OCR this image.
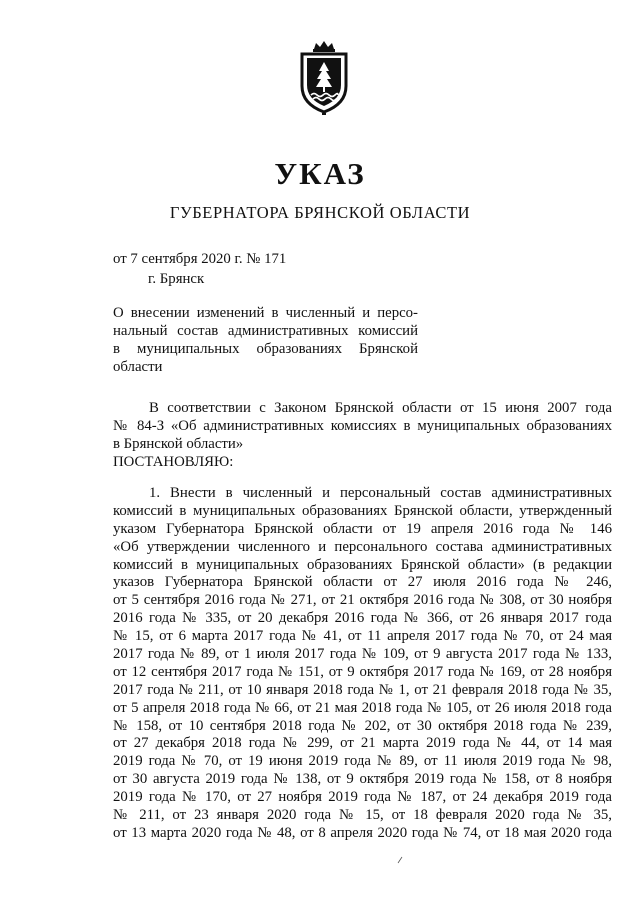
УКАЗ
ГУБЕРНАТОРА БРЯНСКОЙ ОБЛАСТИ
от 7 сентября 2020 г. № 171
г. Брянск
О внесении изменений в численный и персо-
нальный состав административных комиссий
в муниципальных образованиях Брянской
области
В соответствии с Законом Брянской области от 15 июня 2007 года
№ 84-З «Об административных комиссиях в муниципальных образованиях
в Брянской области»
ПОСТАНОВЛЯЮ:
1. Внести в численный и персональный состав административных
комиссий в муниципальных образованиях Брянской области, утвержденный
указом Губернатора Брянской области от 19 апреля 2016 года № 146
«Об утверждении численного и персонального состава административных
комиссий в муниципальных образованиях Брянской области» (в редакции
указов Губернатора Брянской области от 27 июля 2016 года № 246,
от 5 сентября 2016 года № 271, от 21 октября 2016 года № 308, от 30 ноября
2016 года № 335, от 20 декабря 2016 года № 366, от 26 января 2017 года
№ 15, от 6 марта 2017 года № 41, от 11 апреля 2017 года № 70, от 24 мая
2017 года № 89, от 1 июля 2017 года № 109, от 9 августа 2017 года № 133,
от 12 сентября 2017 года № 151, от 9 октября 2017 года № 169, от 28 ноября
2017 года № 211, от 10 января 2018 года № 1, от 21 февраля 2018 года № 35,
от 5 апреля 2018 года № 66, от 21 мая 2018 года № 105, от 26 июля 2018 года
№ 158, от 10 сентября 2018 года № 202, от 30 октября 2018 года № 239,
от 27 декабря 2018 года № 299, от 21 марта 2019 года № 44, от 14 мая
2019 года № 70, от 19 июня 2019 года № 89, от 11 июля 2019 года № 98,
от 30 августа 2019 года № 138, от 9 октября 2019 года № 158, от 8 ноября
2019 года № 170, от 27 ноября 2019 года № 187, от 24 декабря 2019 года
№ 211, от 23 января 2020 года № 15, от 18 февраля 2020 года № 35,
от 13 марта 2020 года № 48, от 8 апреля 2020 года № 74, от 18 мая 2020 года
